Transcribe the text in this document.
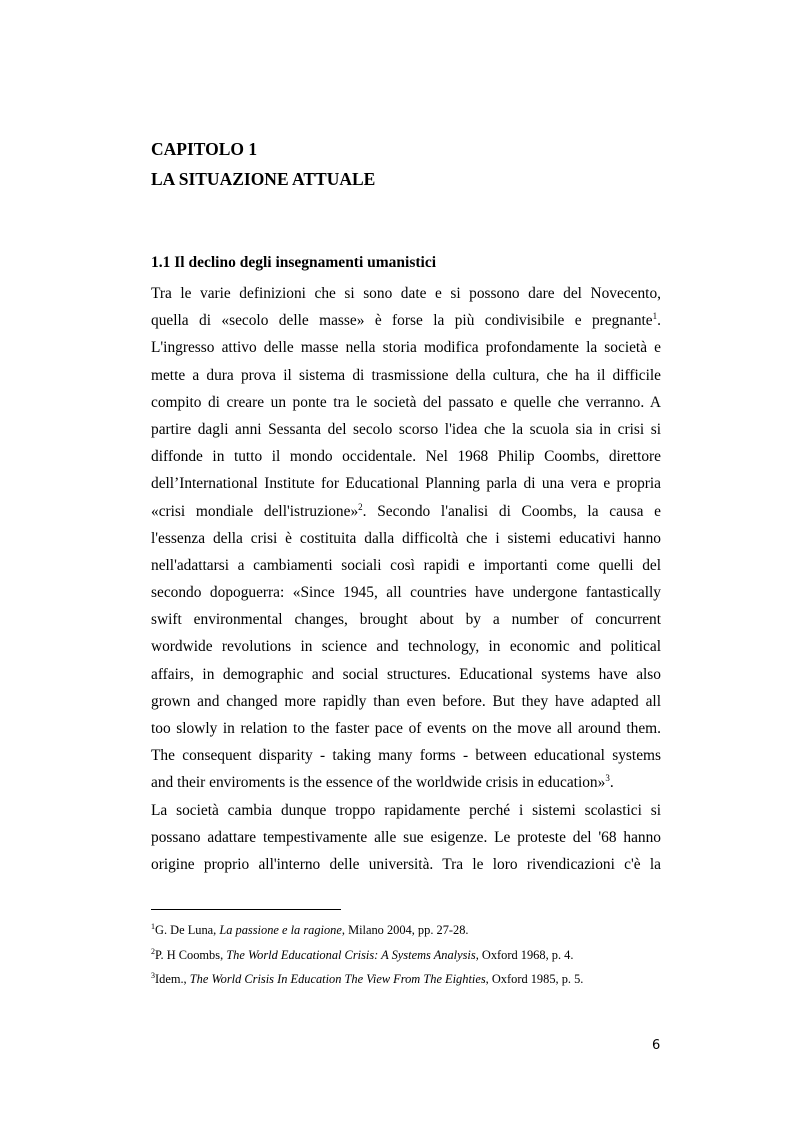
CAPITOLO 1
LA SITUAZIONE ATTUALE
1.1 Il declino degli insegnamenti umanistici
Tra le varie definizioni che si sono date e si possono dare del Novecento,
quella di «secolo delle masse» è forse la più condivisibile e pregnante$^1$.
L'ingresso attivo delle masse nella storia modifica profondamente la società e
mette a dura prova il sistema di trasmissione della cultura, che ha il difficile
compito di creare un ponte tra le società del passato e quelle che verranno. A
partire dagli anni Sessanta del secolo scorso l'idea che la scuola sia in crisi si
diffonde in tutto il mondo occidentale. Nel 1968 Philip Coombs, direttore
dell’International Institute for Educational Planning parla di una vera e propria
«crisi mondiale dell'istruzione»$^2$. Secondo l'analisi di Coombs, la causa e
l'essenza della crisi è costituita dalla difficoltà che i sistemi educativi hanno
nell'adattarsi a cambiamenti sociali così rapidi e importanti come quelli del
secondo dopoguerra: «Since 1945, all countries have undergone fantastically
swift environmental changes, brought about by a number of concurrent
wordwide revolutions in science and technology, in economic and political
affairs, in demographic and social structures. Educational systems have also
grown and changed more rapidly than even before. But they have adapted all
too slowly in relation to the faster pace of events on the move all around them.
The consequent disparity - taking many forms - between educational systems
and their enviroments is the essence of the worldwide crisis in education»$^3$.
La società cambia dunque troppo rapidamente perché i sistemi scolastici si
possano adattare tempestivamente alle sue esigenze. Le proteste del '68 hanno
origine proprio all'interno delle università. Tra le loro rivendicazioni c'è la
$^1$G. De Luna, La passione e la ragione, Milano 2004, pp. 27-28.
$^2$P. H Coombs, The World Educational Crisis: A Systems Analysis, Oxford 1968, p. 4.
$^3$Idem., The World Crisis In Education The View From The Eighties, Oxford 1985, p. 5.
6
